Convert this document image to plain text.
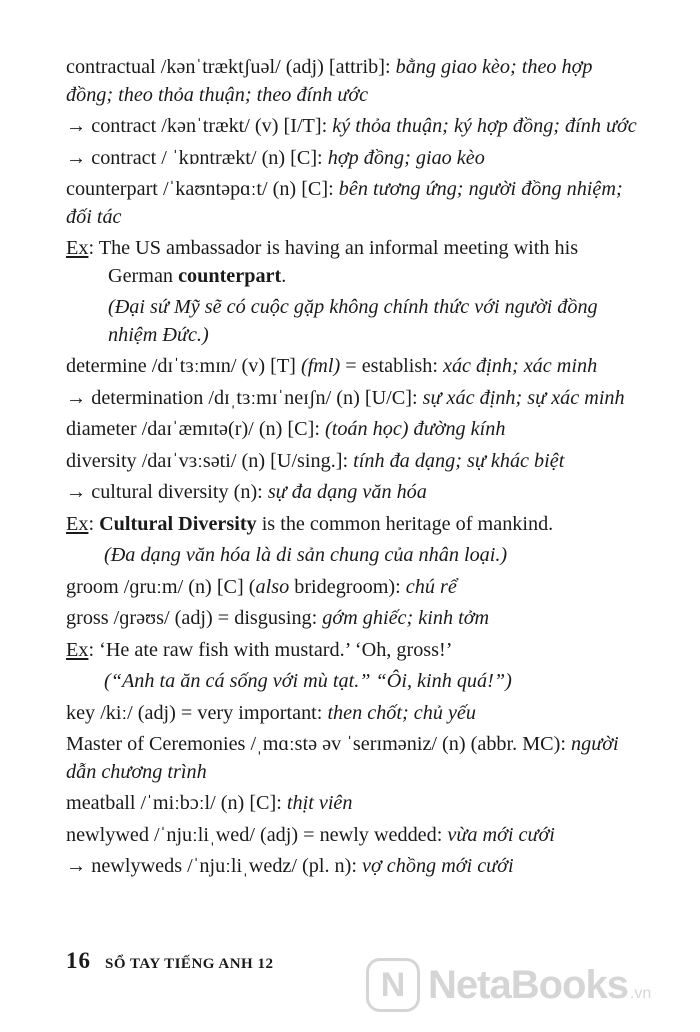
contractual /kənˈtræktʃuəl/ (adj) [attrib]: bằng giao kèo; theo hợp đồng; theo thỏa thuận; theo đính ước
→ contract /kənˈtrækt/ (v) [I/T]: ký thỏa thuận; ký hợp đồng; đính ước
→ contract / ˈkɒntrækt/ (n) [C]: hợp đồng; giao kèo
counterpart /ˈkaʊntəpɑːt/ (n) [C]: bên tương ứng; người đồng nhiệm; đối tác
Ex: The US ambassador is having an informal meeting with his German counterpart.
(Đại sứ Mỹ sẽ có cuộc gặp không chính thức với người đồng nhiệm Đức.)
determine /dɪˈtɜːmɪn/ (v) [T] (fml) = establish: xác định; xác minh
→ determination /dɪˌtɜːmɪˈneɪʃn/ (n) [U/C]: sự xác định; sự xác minh
diameter /daɪˈæmɪtə(r)/ (n) [C]: (toán học) đường kính
diversity /daɪˈvɜːsəti/ (n) [U/sing.]: tính đa dạng; sự khác biệt
→ cultural diversity (n): sự đa dạng văn hóa
Ex: Cultural Diversity is the common heritage of mankind.
(Đa dạng văn hóa là di sản chung của nhân loại.)
groom /ɡruːm/ (n) [C] (also bridegroom): chú rể
gross /ɡrəʊs/ (adj) = disgusing: gớm ghiếc; kinh tởm
Ex: ‘He ate raw fish with mustard.’ ‘Oh, gross!’
(“Anh ta ăn cá sống với mù tạt.” “Ôi, kinh quá!”)
key /kiː/ (adj) = very important: then chốt; chủ yếu
Master of Ceremonies /ˌmɑːstə əv ˈserɪməniz/ (n) (abbr. MC): người dẫn chương trình
meatball /ˈmiːbɔːl/ (n) [C]: thịt viên
newlywed /ˈnjuːliˌwed/ (adj) = newly wedded: vừa mới cưới
→ newlyweds /ˈnjuːliˌwedz/ (pl. n): vợ chồng mới cưới
16 SỔ TAY TIẾNG ANH 12
N NetaBooks .vn
